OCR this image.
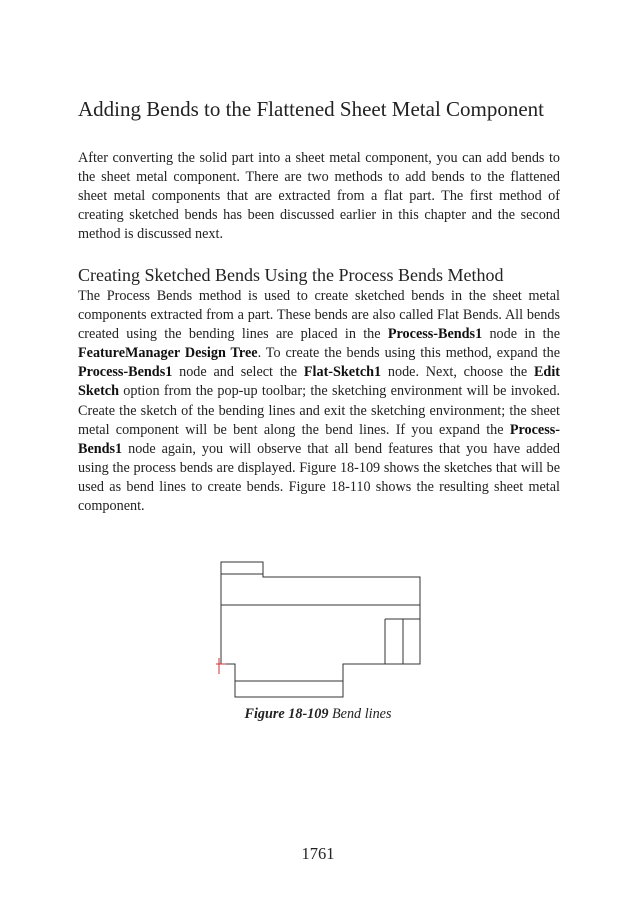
Adding Bends to the Flattened Sheet Metal Component

After converting the solid part into a sheet metal component, you can add bends to the sheet metal component. There are two methods to add bends to the flattened sheet metal components that are extracted from a flat part. The first method of creating sketched bends has been discussed earlier in this chapter and the second method is discussed next.

Creating Sketched Bends Using the Process Bends Method

The Process Bends method is used to create sketched bends in the sheet metal components extracted from a part. These bends are also called Flat Bends. All bends created using the bending lines are placed in the Process-Bends1 node in the FeatureManager Design Tree. To create the bends using this method, expand the Process-Bends1 node and select the Flat-Sketch1 node. Next, choose the Edit Sketch option from the pop-up toolbar; the sketching environment will be invoked. Create the sketch of the bending lines and exit the sketching environment; the sheet metal component will be bent along the bend lines. If you expand the Process-Bends1 node again, you will observe that all bend features that you have added using the process bends are displayed. Figure 18-109 shows the sketches that will be used as bend lines to create bends. Figure 18-110 shows the resulting sheet metal component.

Figure 18-109 Bend lines
1761
